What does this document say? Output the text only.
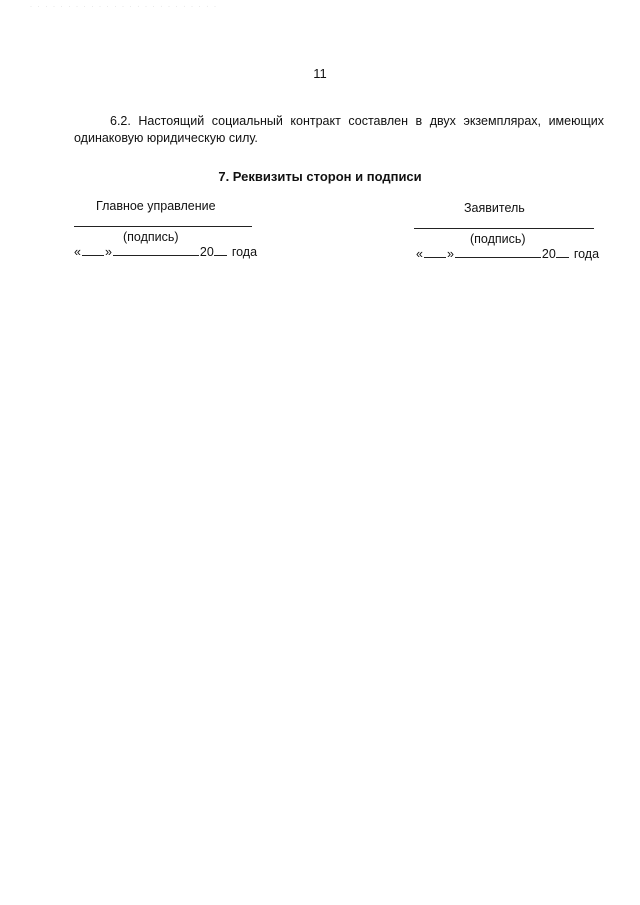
· · · · · · · · · · · · · · · · · · · · · · · · ·
11
6.2. Настоящий социальный контракт составлен в двух экземплярах, имеющих одинаковую юридическую силу.
7. Реквизиты сторон и подписи
Главное управление
(подпись)
« »	20 года
Заявитель
(подпись)
« »	20 года
